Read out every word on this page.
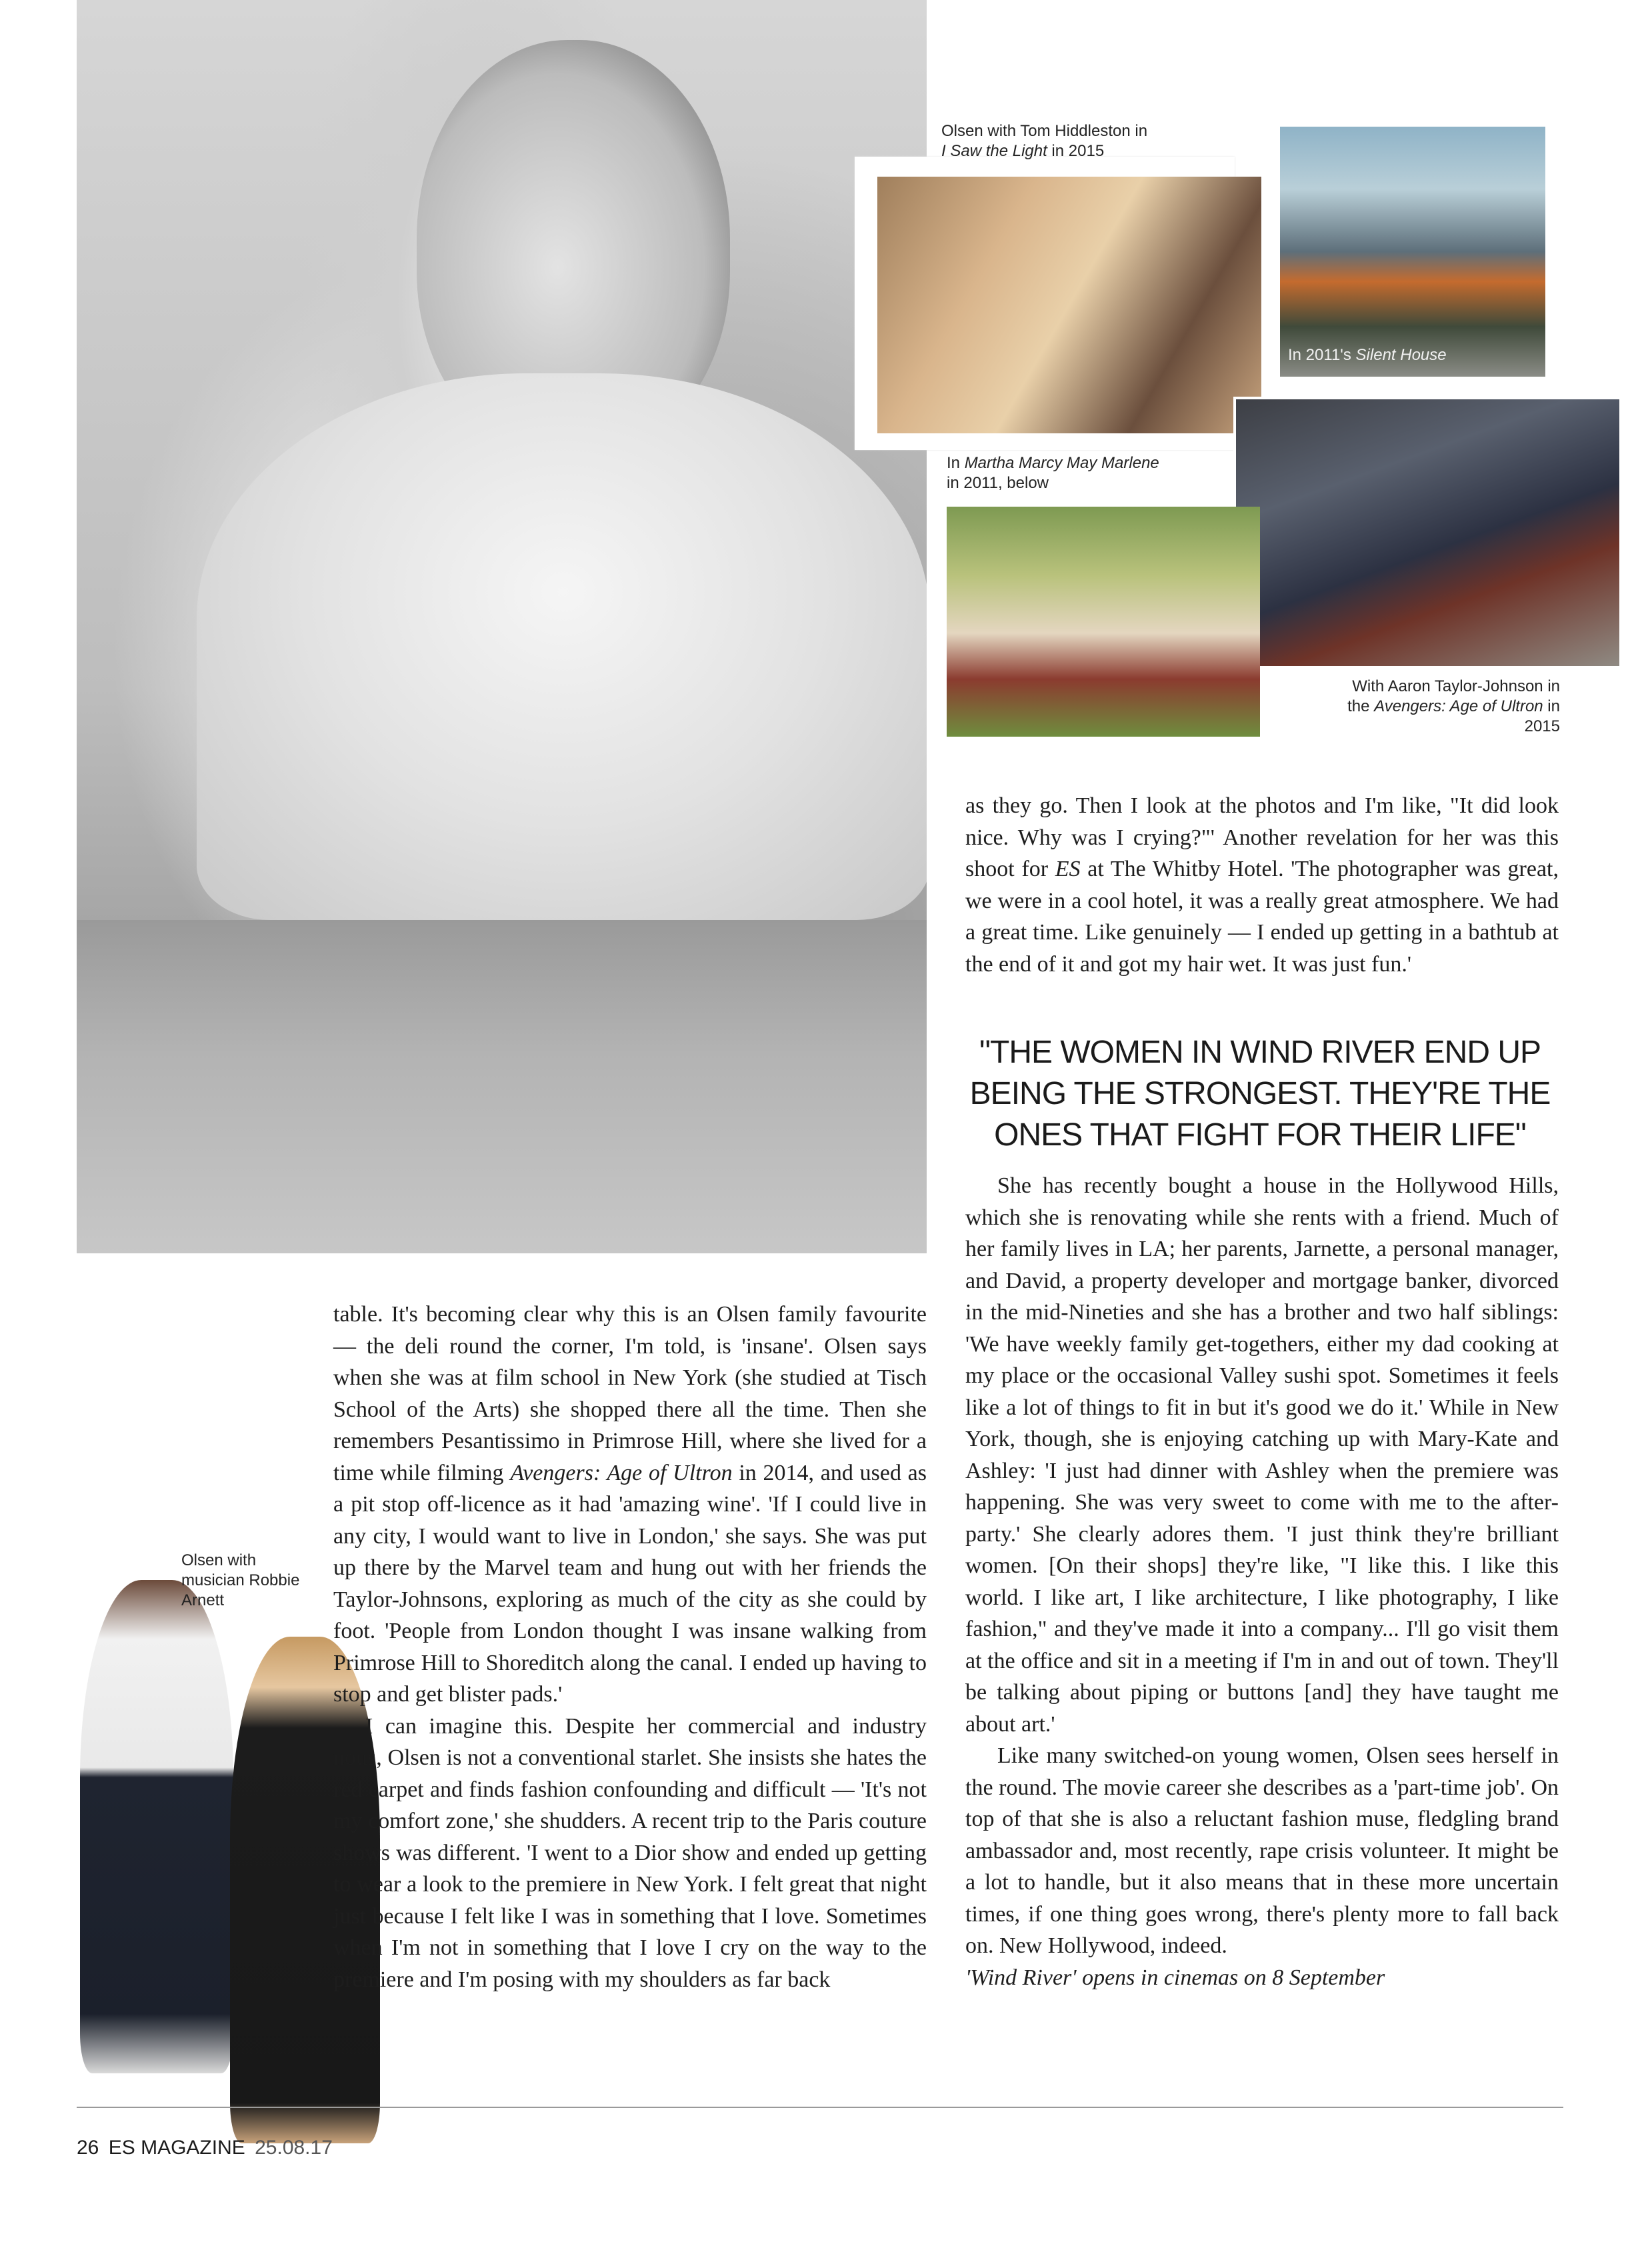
Olsen with Tom Hiddleston in
I Saw the Light in 2015
In 2011's Silent House
In Martha Marcy May Marlene in 2011, below
With Aaron Taylor-Johnson in the Avengers: Age of Ultron in 2015
Olsen with musician Robbie Arnett

table. It's becoming clear why this is an Olsen family favourite — the deli round the corner, I'm told, is 'insane'. Olsen says when she was at film school in New York (she studied at Tisch School of the Arts) she shopped there all the time. Then she remembers Pesantissimo in Primrose Hill, where she lived for a time while filming Avengers: Age of Ultron in 2014, and used as a pit stop off-licence as it had 'amazing wine'. 'If I could live in any city, I would want to live in London,' she says. She was put up there by the Marvel team and hung out with her friends the Taylor-Johnsons, exploring as much of the city as she could by foot. 'People from London thought I was insane walking from Primrose Hill to Shoreditch along the canal. I ended up having to stop and get blister pads.'

I can imagine this. Despite her commercial and industry nous, Olsen is not a conventional starlet. She insists she hates the red carpet and finds fashion confounding and difficult — 'It's not my comfort zone,' she shudders. A recent trip to the Paris couture shows was different. 'I went to a Dior show and ended up getting to wear a look to the premiere in New York. I felt great that night just because I felt like I was in something that I love. Sometimes when I'm not in something that I love I cry on the way to the premiere and I'm posing with my shoulders as far back

as they go. Then I look at the photos and I'm like, "It did look nice. Why was I crying?"' Another revelation for her was this shoot for ES at The Whitby Hotel. 'The photographer was great, we were in a cool hotel, it was a really great atmosphere. We had a great time. Like genuinely — I ended up getting in a bathtub at the end of it and got my hair wet. It was just fun.'

"THE WOMEN IN WIND RIVER END UP BEING THE STRONGEST. THEY'RE THE ONES THAT FIGHT FOR THEIR LIFE"

She has recently bought a house in the Hollywood Hills, which she is renovating while she rents with a friend. Much of her family lives in LA; her parents, Jarnette, a personal manager, and David, a property developer and mortgage banker, divorced in the mid-Nineties and she has a brother and two half siblings: 'We have weekly family get-togethers, either my dad cooking at my place or the occasional Valley sushi spot. Sometimes it feels like a lot of things to fit in but it's good we do it.' While in New York, though, she is enjoying catching up with Mary-Kate and Ashley: 'I just had dinner with Ashley when the premiere was happening. She was very sweet to come with me to the after-party.' She clearly adores them. 'I just think they're brilliant women. [On their shops] they're like, "I like this. I like this world. I like art, I like architecture, I like photography, I like fashion," and they've made it into a company... I'll go visit them at the office and sit in a meeting if I'm in and out of town. They'll be talking about piping or buttons [and] they have taught me about art.'

Like many switched-on young women, Olsen sees herself in the round. The movie career she describes as a 'part-time job'. On top of that she is also a reluctant fashion muse, fledgling brand ambassador and, most recently, rape crisis volunteer. It might be a lot to handle, but it also means that in these more uncertain times, if one thing goes wrong, there's plenty more to fall back on. New Hollywood, indeed.

'Wind River' opens in cinemas on 8 September

26 ES MAGAZINE 25.08.17
